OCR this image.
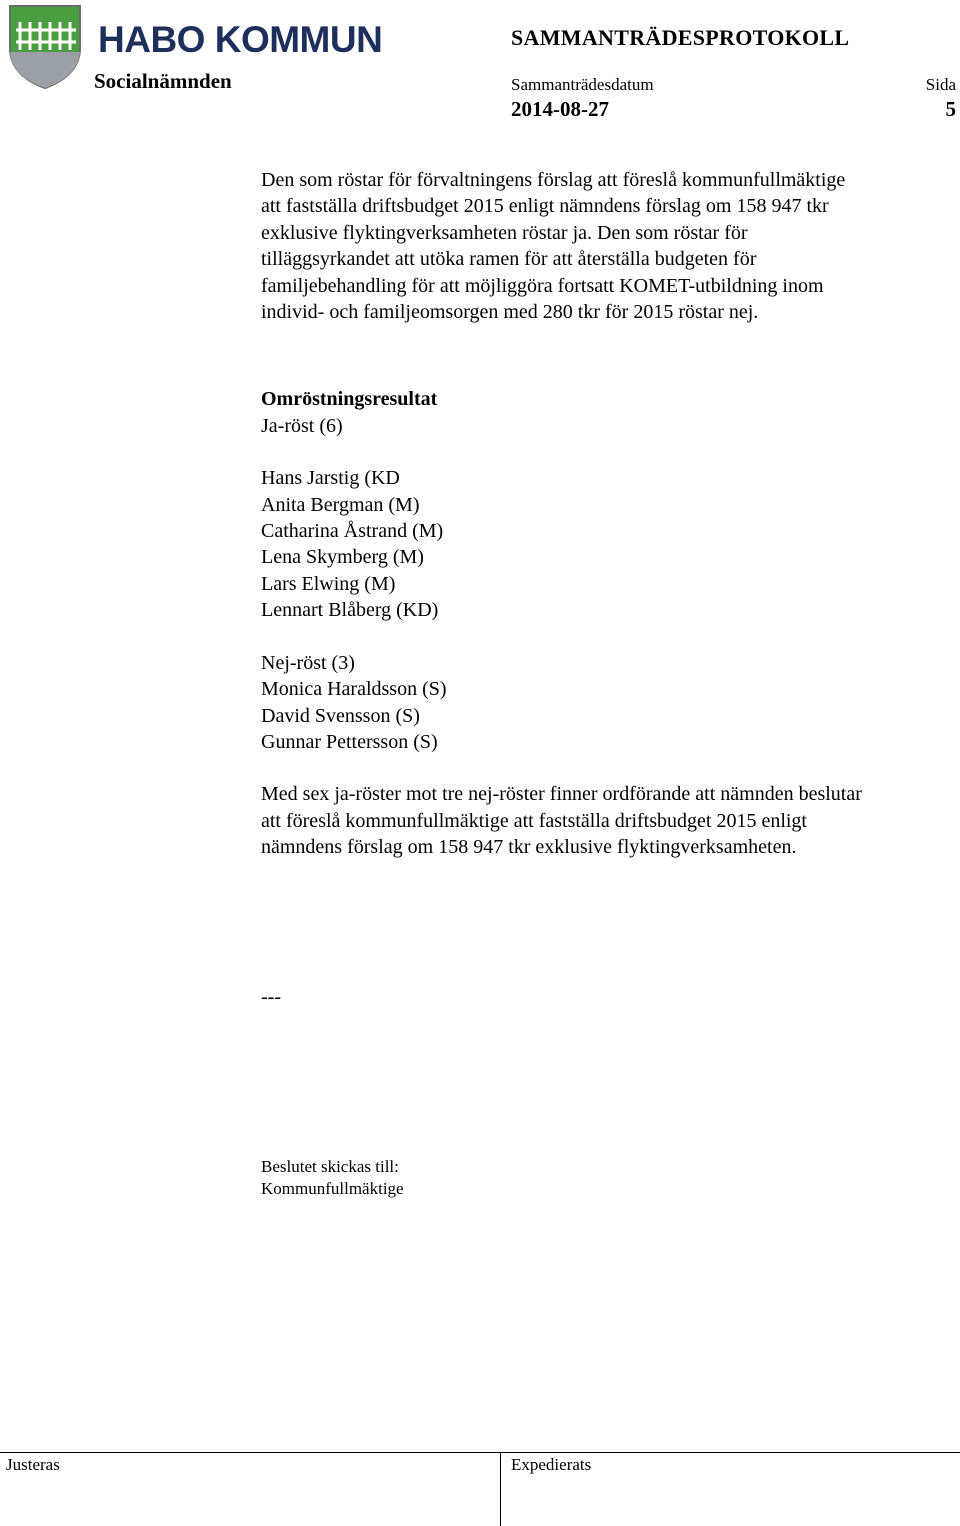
HABO KOMMUN
Socialnämnden
SAMMANTRÄDESPROTOKOLL
Sammanträdesdatum	Sida
2014-08-27	5
Den som röstar för förvaltningens förslag att föreslå kommunfullmäktige
att fastställa driftsbudget 2015 enligt nämndens förslag om 158 947 tkr
exklusive flyktingverksamheten röstar ja. Den som röstar för
tilläggsyrkandet att utöka ramen för att återställa budgeten för
familjebehandling för att möjliggöra fortsatt KOMET-utbildning inom
individ- och familjeomsorgen med 280 tkr för 2015 röstar nej.

Omröstningsresultat

Ja-röst (6)

Hans Jarstig (KD
Anita Bergman (M)
Catharina Åstrand (M)
Lena Skymberg (M)
Lars Elwing (M)
Lennart Blåberg (KD)

Nej-röst (3)

Monica Haraldsson (S)
David Svensson (S)
Gunnar Pettersson (S)
Med sex ja-röster mot tre nej-röster finner ordförande att nämnden beslutar
att föreslå kommunfullmäktige att fastställa driftsbudget 2015 enligt
nämndens förslag om 158 947 tkr exklusive flyktingverksamheten.
---
Beslutet skickas till:
Kommunfullmäktige
Justeras	Expedierats
